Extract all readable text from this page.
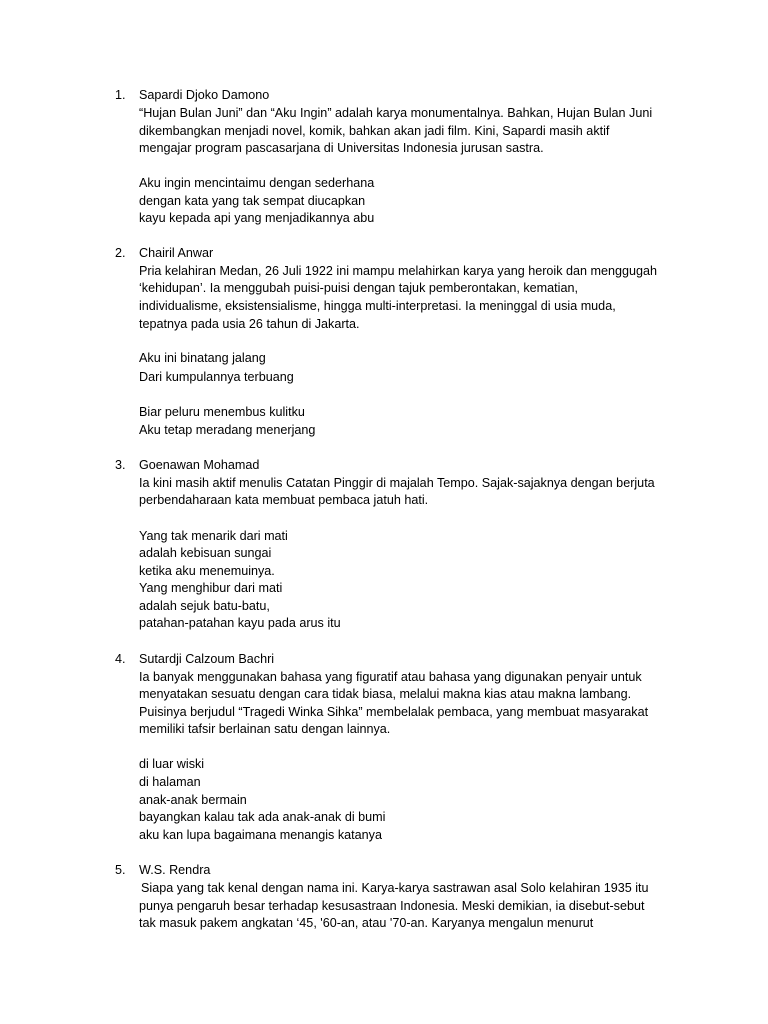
1. Sapardi Djoko Damono
“Hujan Bulan Juni” dan “Aku Ingin” adalah karya monumentalnya. Bahkan, Hujan Bulan Juni
dikembangkan menjadi novel, komik, bahkan akan jadi film. Kini, Sapardi masih aktif
mengajar program pascasarjana di Universitas Indonesia jurusan sastra.
Aku ingin mencintaimu dengan sederhana
dengan kata yang tak sempat diucapkan
kayu kepada api yang menjadikannya abu
2. Chairil Anwar
Pria kelahiran Medan, 26 Juli 1922 ini mampu melahirkan karya yang heroik dan menggugah
‘kehidupan’. Ia menggubah puisi-puisi dengan tajuk pemberontakan, kematian,
individualisme, eksistensialisme, hingga multi-interpretasi. Ia meninggal di usia muda,
tepatnya pada usia 26 tahun di Jakarta.
Aku ini binatang jalang
Dari kumpulannya terbuang
Biar peluru menembus kulitku
Aku tetap meradang menerjang
3. Goenawan Mohamad
Ia kini masih aktif menulis Catatan Pinggir di majalah Tempo. Sajak-sajaknya dengan berjuta
perbendaharaan kata membuat pembaca jatuh hati.
Yang tak menarik dari mati
adalah kebisuan sungai
ketika aku menemuinya.
Yang menghibur dari mati
adalah sejuk batu-batu,
patahan-patahan kayu pada arus itu
4. Sutardji Calzoum Bachri
Ia banyak menggunakan bahasa yang figuratif atau bahasa yang digunakan penyair untuk
menyatakan sesuatu dengan cara tidak biasa, melalui makna kias atau makna lambang.
Puisinya berjudul “Tragedi Winka Sihka” membelalak pembaca, yang membuat masyarakat
memiliki tafsir berlainan satu dengan lainnya.
di luar wiski
di halaman
anak-anak bermain
bayangkan kalau tak ada anak-anak di bumi
aku kan lupa bagaimana menangis katanya
5. W.S. Rendra
Siapa yang tak kenal dengan nama ini. Karya-karya sastrawan asal Solo kelahiran 1935 itu
punya pengaruh besar terhadap kesusastraan Indonesia. Meski demikian, ia disebut-sebut
tak masuk pakem angkatan ‘45, '60-an, atau '70-an. Karyanya mengalun menurut
